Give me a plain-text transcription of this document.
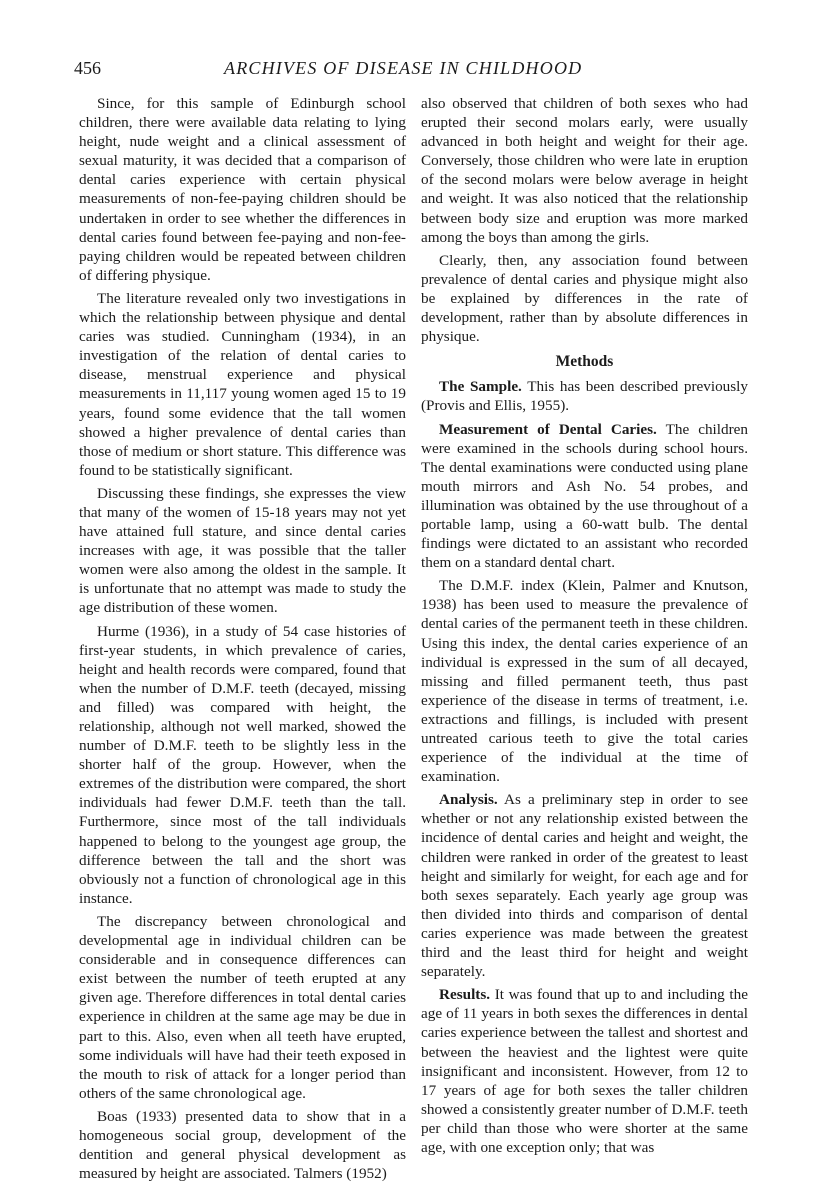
456	ARCHIVES OF DISEASE IN CHILDHOOD

Since, for this sample of Edinburgh school children, there were available data relating to lying height, nude weight and a clinical assessment of sexual maturity, it was decided that a comparison of dental caries experience with certain physical measurements of non-fee-paying children should be undertaken in order to see whether the differences in dental caries found between fee-paying and non-fee-paying children would be repeated between children of differing physique.

The literature revealed only two investigations in which the relationship between physique and dental caries was studied. Cunningham (1934), in an investigation of the relation of dental caries to disease, menstrual experience and physical measurements in 11,117 young women aged 15 to 19 years, found some evidence that the tall women showed a higher prevalence of dental caries than those of medium or short stature. This difference was found to be statistically significant.

Discussing these findings, she expresses the view that many of the women of 15-18 years may not yet have attained full stature, and since dental caries increases with age, it was possible that the taller women were also among the oldest in the sample. It is unfortunate that no attempt was made to study the age distribution of these women.

Hurme (1936), in a study of 54 case histories of first-year students, in which prevalence of caries, height and health records were compared, found that when the number of D.M.F. teeth (decayed, missing and filled) was compared with height, the relationship, although not well marked, showed the number of D.M.F. teeth to be slightly less in the shorter half of the group. However, when the extremes of the distribution were compared, the short individuals had fewer D.M.F. teeth than the tall. Furthermore, since most of the tall individuals happened to belong to the youngest age group, the difference between the tall and the short was obviously not a function of chronological age in this instance.

The discrepancy between chronological and developmental age in individual children can be considerable and in consequence differences can exist between the number of teeth erupted at any given age. Therefore differences in total dental caries experience in children at the same age may be due in part to this. Also, even when all teeth have erupted, some individuals will have had their teeth exposed in the mouth to risk of attack for a longer period than others of the same chronological age.

Boas (1933) presented data to show that in a homogeneous social group, development of the dentition and general physical development as measured by height are associated. Talmers (1952)

also observed that children of both sexes who had erupted their second molars early, were usually advanced in both height and weight for their age. Conversely, those children who were late in eruption of the second molars were below average in height and weight. It was also noticed that the relationship between body size and eruption was more marked among the boys than among the girls.

Clearly, then, any association found between prevalence of dental caries and physique might also be explained by differences in the rate of development, rather than by absolute differences in physique.

Methods

The Sample. This has been described previously (Provis and Ellis, 1955).

Measurement of Dental Caries. The children were examined in the schools during school hours. The dental examinations were conducted using plane mouth mirrors and Ash No. 54 probes, and illumination was obtained by the use throughout of a portable lamp, using a 60-watt bulb. The dental findings were dictated to an assistant who recorded them on a standard dental chart.

The D.M.F. index (Klein, Palmer and Knutson, 1938) has been used to measure the prevalence of dental caries of the permanent teeth in these children. Using this index, the dental caries experience of an individual is expressed in the sum of all decayed, missing and filled permanent teeth, thus past experience of the disease in terms of treatment, i.e. extractions and fillings, is included with present untreated carious teeth to give the total caries experience of the individual at the time of examination.

Analysis. As a preliminary step in order to see whether or not any relationship existed between the incidence of dental caries and height and weight, the children were ranked in order of the greatest to least height and similarly for weight, for each age and for both sexes separately. Each yearly age group was then divided into thirds and comparison of dental caries experience was made between the greatest third and the least third for height and weight separately.

Results. It was found that up to and including the age of 11 years in both sexes the differences in dental caries experience between the tallest and shortest and between the heaviest and the lightest were quite insignificant and inconsistent. However, from 12 to 17 years of age for both sexes the taller children showed a consistently greater number of D.M.F. teeth per child than those who were shorter at the same age, with one exception only; that was
